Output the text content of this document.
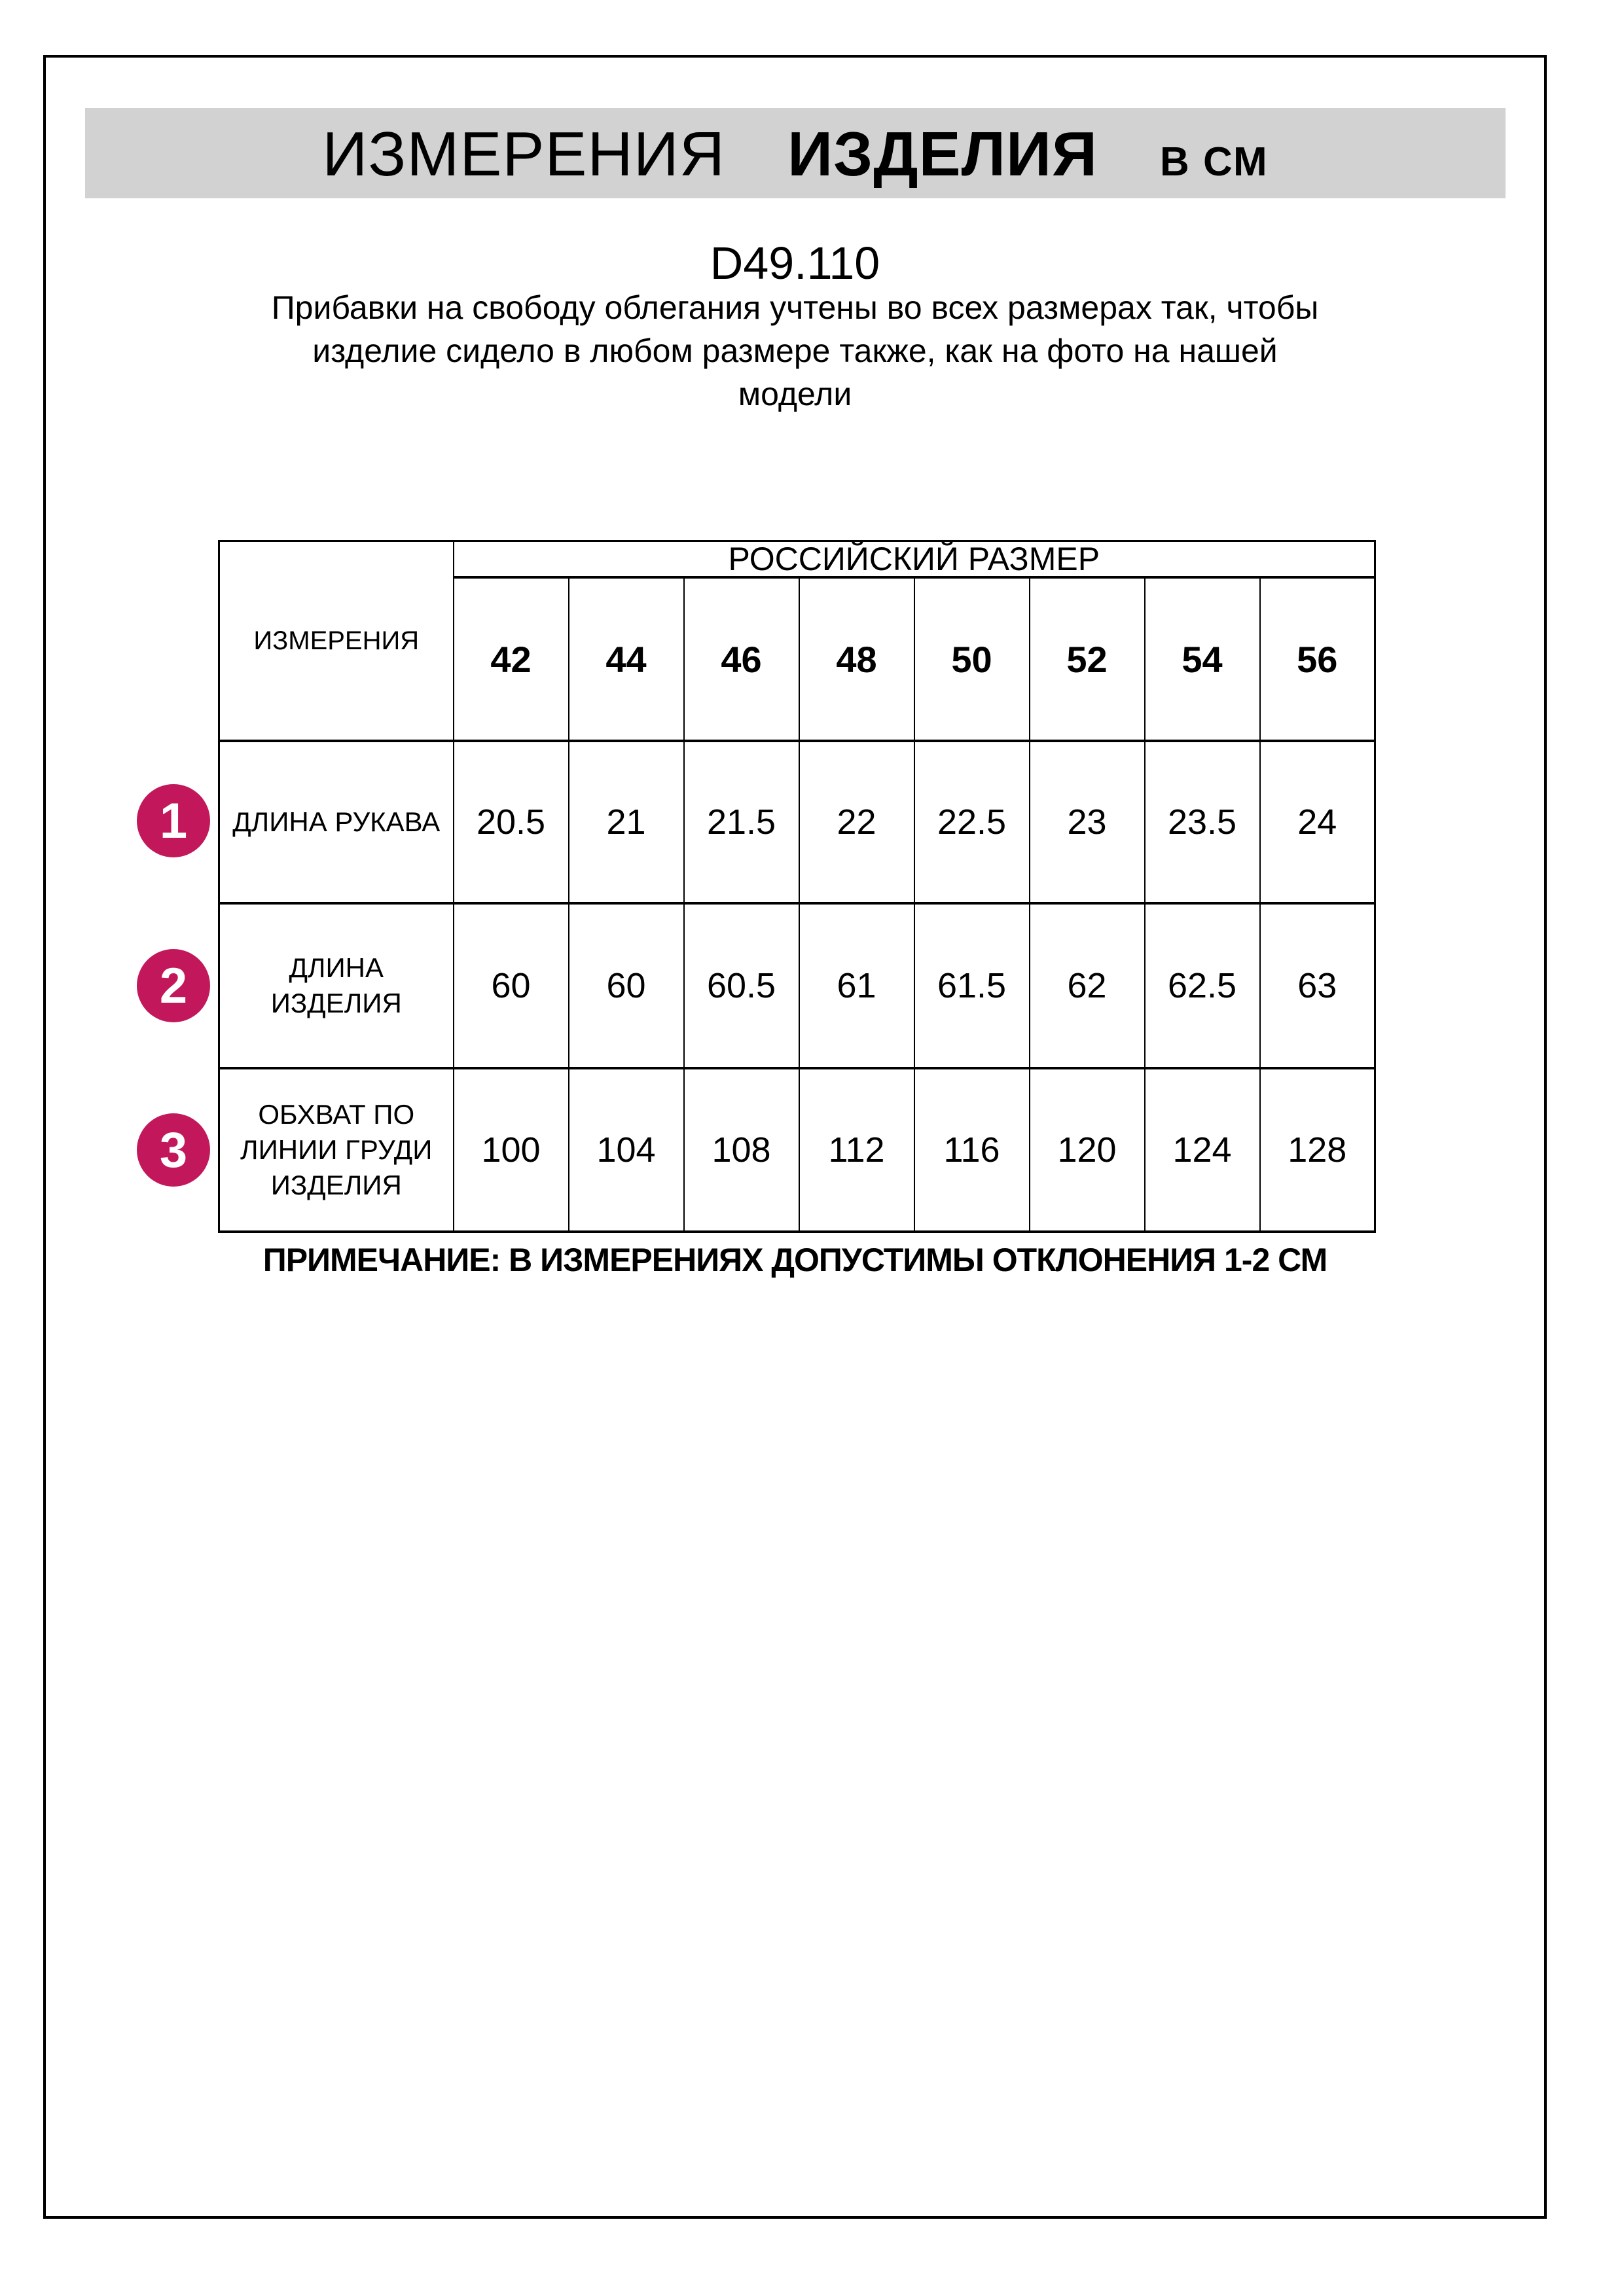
ИЗМЕРЕНИЯ ИЗДЕЛИЯ В СМ
D49.110
Прибавки на свободу облегания учтены во всех размерах так, чтобы
изделие сидело в любом размере также, как на фото на нашей
модели
ИЗМЕРЕНИЯ	РОССИЙСКИЙ РАЗМЕР							
	42	44	46	48	50	52	54	56
ДЛИНА РУКАВА	20.5	21	21.5	22	22.5	23	23.5	24
ДЛИНА ИЗДЕЛИЯ	60	60	60.5	61	61.5	62	62.5	63
ОБХВАТ ПО ЛИНИИ ГРУДИ ИЗДЕЛИЯ	100	104	108	112	116	120	124	128
1
2
3
ПРИМЕЧАНИЕ: В ИЗМЕРЕНИЯХ ДОПУСТИМЫ ОТКЛОНЕНИЯ 1-2 СМ
